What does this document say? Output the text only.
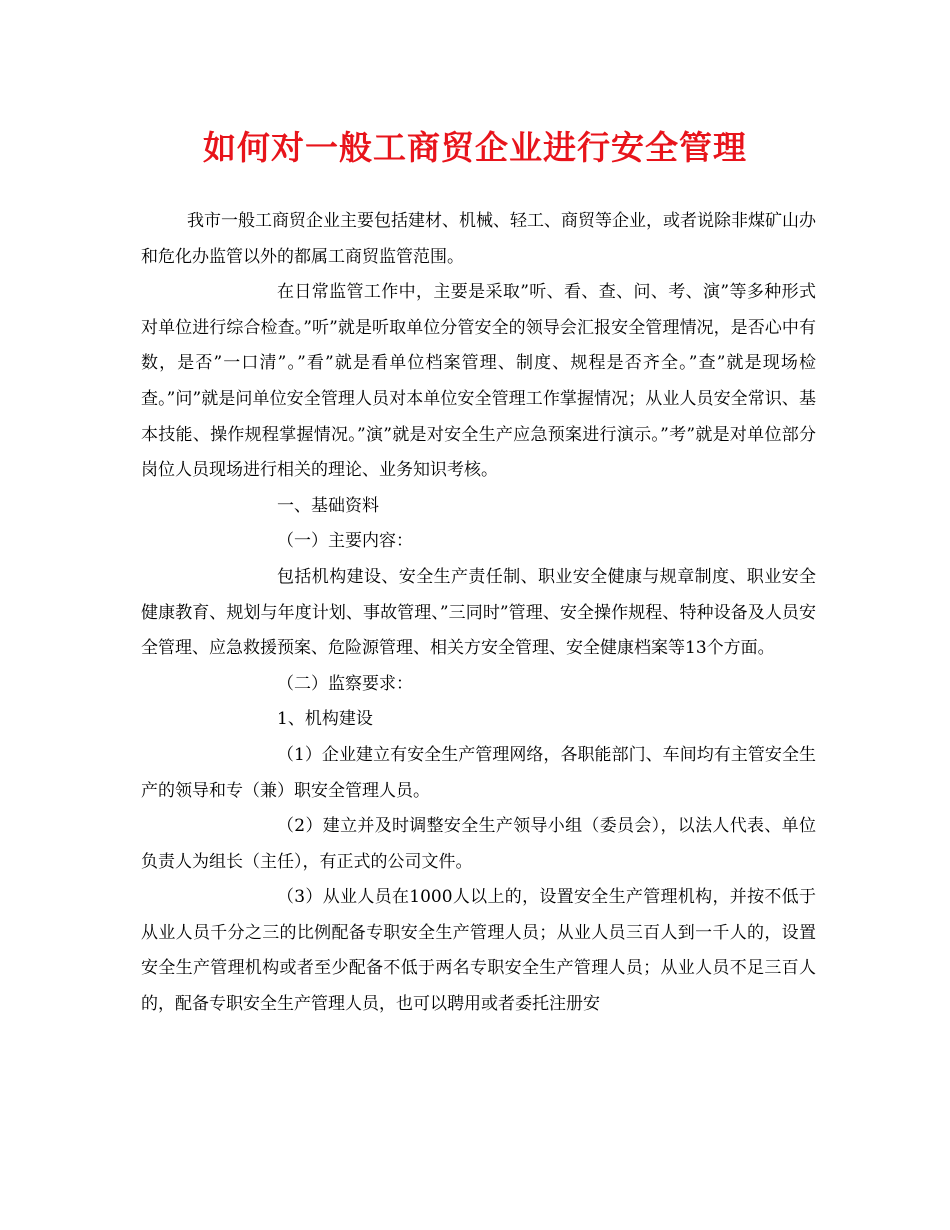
如何对一般工商贸企业进行安全管理

我市一般工商贸企业主要包括建材、机械、轻工、商贸等企业，或者说除非煤矿山办和危化办监管以外的都属工商贸监管范围。

在日常监管工作中，主要是采取”听、看、查、问、考、演”等多种形式对单位进行综合检查。”听”就是听取单位分管安全的领导会汇报安全管理情况，是否心中有数，是否”一口清”。”看”就是看单位档案管理、制度、规程是否齐全。”查”就是现场检查。”问”就是问单位安全管理人员对本单位安全管理工作掌握情况；从业人员安全常识、基本技能、操作规程掌握情况。”演”就是对安全生产应急预案进行演示。”考”就是对单位部分岗位人员现场进行相关的理论、业务知识考核。

一、基础资料

（一）主要内容：

包括机构建设、安全生产责任制、职业安全健康与规章制度、职业安全健康教育、规划与年度计划、事故管理、”三同时”管理、安全操作规程、特种设备及人员安全管理、应急救援预案、危险源管理、相关方安全管理、安全健康档案等13个方面。

（二）监察要求：

1、机构建设

（1）企业建立有安全生产管理网络，各职能部门、车间均有主管安全生产的领导和专（兼）职安全管理人员。

（2）建立并及时调整安全生产领导小组（委员会），以法人代表、单位负责人为组长（主任），有正式的公司文件。

（3）从业人员在1000人以上的，设置安全生产管理机构，并按不低于从业人员千分之三的比例配备专职安全生产管理人员；从业人员三百人到一千人的，设置安全生产管理机构或者至少配备不低于两名专职安全生产管理人员；从业人员不足三百人的，配备专职安全生产管理人员，也可以聘用或者委托注册安
